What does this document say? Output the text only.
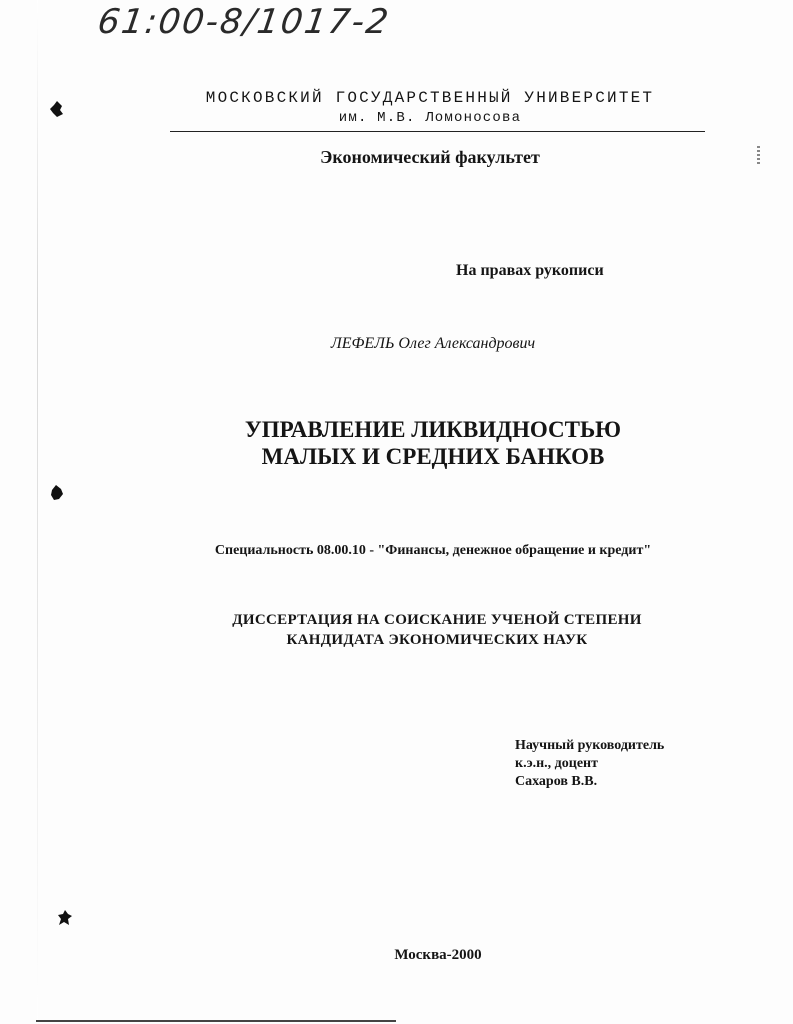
61:00-8/1017-2
МОСКОВСКИЙ ГОСУДАРСТВЕННЫЙ УНИВЕРСИТЕТ
им. М.В. Ломоносова
Экономический факультет
На правах рукописи
ЛЕФЕЛЬ Олег Александрович
УПРАВЛЕНИЕ ЛИКВИДНОСТЬЮ
МАЛЫХ И СРЕДНИХ БАНКОВ
Специальность 08.00.10 - "Финансы, денежное обращение и кредит"
ДИССЕРТАЦИЯ НА СОИСКАНИЕ УЧЕНОЙ СТЕПЕНИ
КАНДИДАТА ЭКОНОМИЧЕСКИХ НАУК
Научный руководитель
к.э.н., доцент
Сахаров В.В.
Москва-2000
